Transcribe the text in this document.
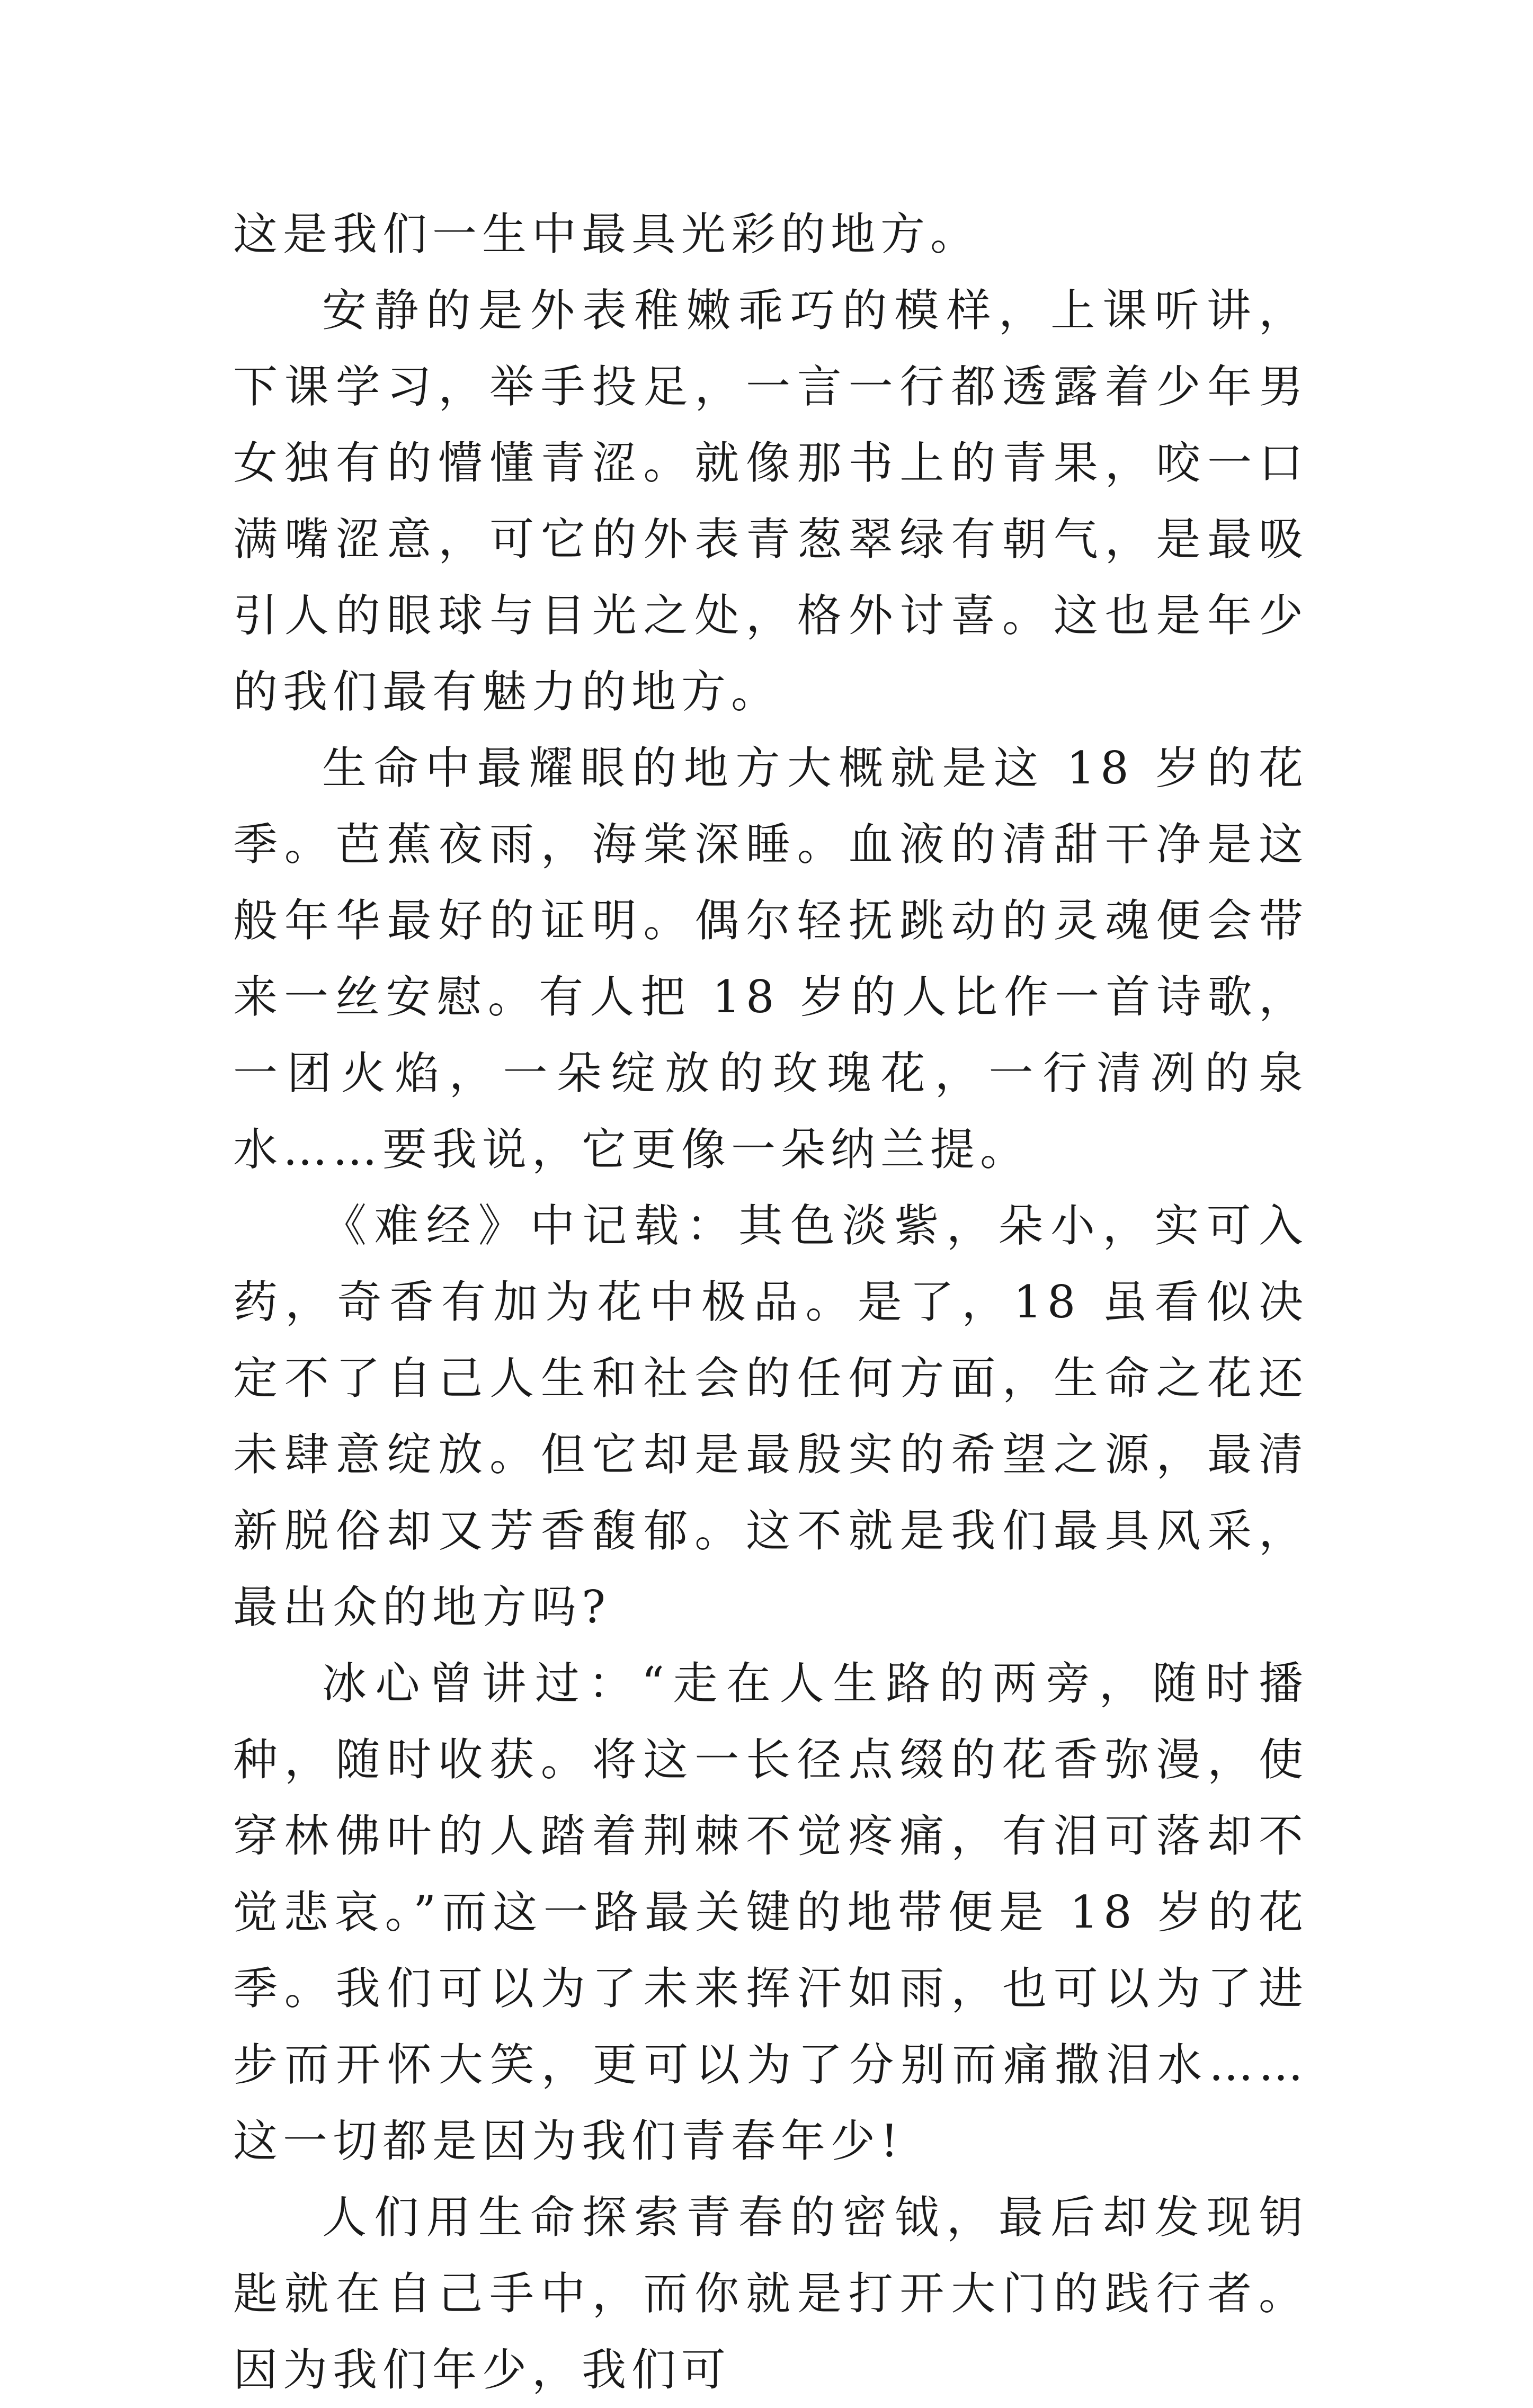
这是我们一生中最具光彩的地方。

安静的是外表稚嫩乖巧的模样，上课听讲，下课学习，举手投足，一言一行都透露着少年男女独有的懵懂青涩。就像那书上的青果，咬一口满嘴涩意，可它的外表青葱翠绿有朝气，是最吸引人的眼球与目光之处，格外讨喜。这也是年少的我们最有魅力的地方。

生命中最耀眼的地方大概就是这 18 岁的花季。芭蕉夜雨，海棠深睡。血液的清甜干净是这般年华最好的证明。偶尔轻抚跳动的灵魂便会带来一丝安慰。有人把 18 岁的人比作一首诗歌，一团火焰，一朵绽放的玫瑰花，一行清冽的泉水……要我说，它更像一朵纳兰提。

《难经》中记载：其色淡紫，朵小，实可入药，奇香有加为花中极品。是了，18 虽看似决定不了自己人生和社会的任何方面，生命之花还未肆意绽放。但它却是最殷实的希望之源，最清新脱俗却又芳香馥郁。这不就是我们最具风采，最出众的地方吗?

冰心曾讲过：“走在人生路的两旁，随时播种，随时收获。将这一长径点缀的花香弥漫，使穿林佛叶的人踏着荆棘不觉疼痛，有泪可落却不觉悲哀。”而这一路最关键的地带便是 18 岁的花季。我们可以为了未来挥汗如雨，也可以为了进步而开怀大笑，更可以为了分别而痛撒泪水……这一切都是因为我们青春年少!

人们用生命探索青春的密钺，最后却发现钥匙就在自己手中，而你就是打开大门的践行者。因为我们年少，我们可
